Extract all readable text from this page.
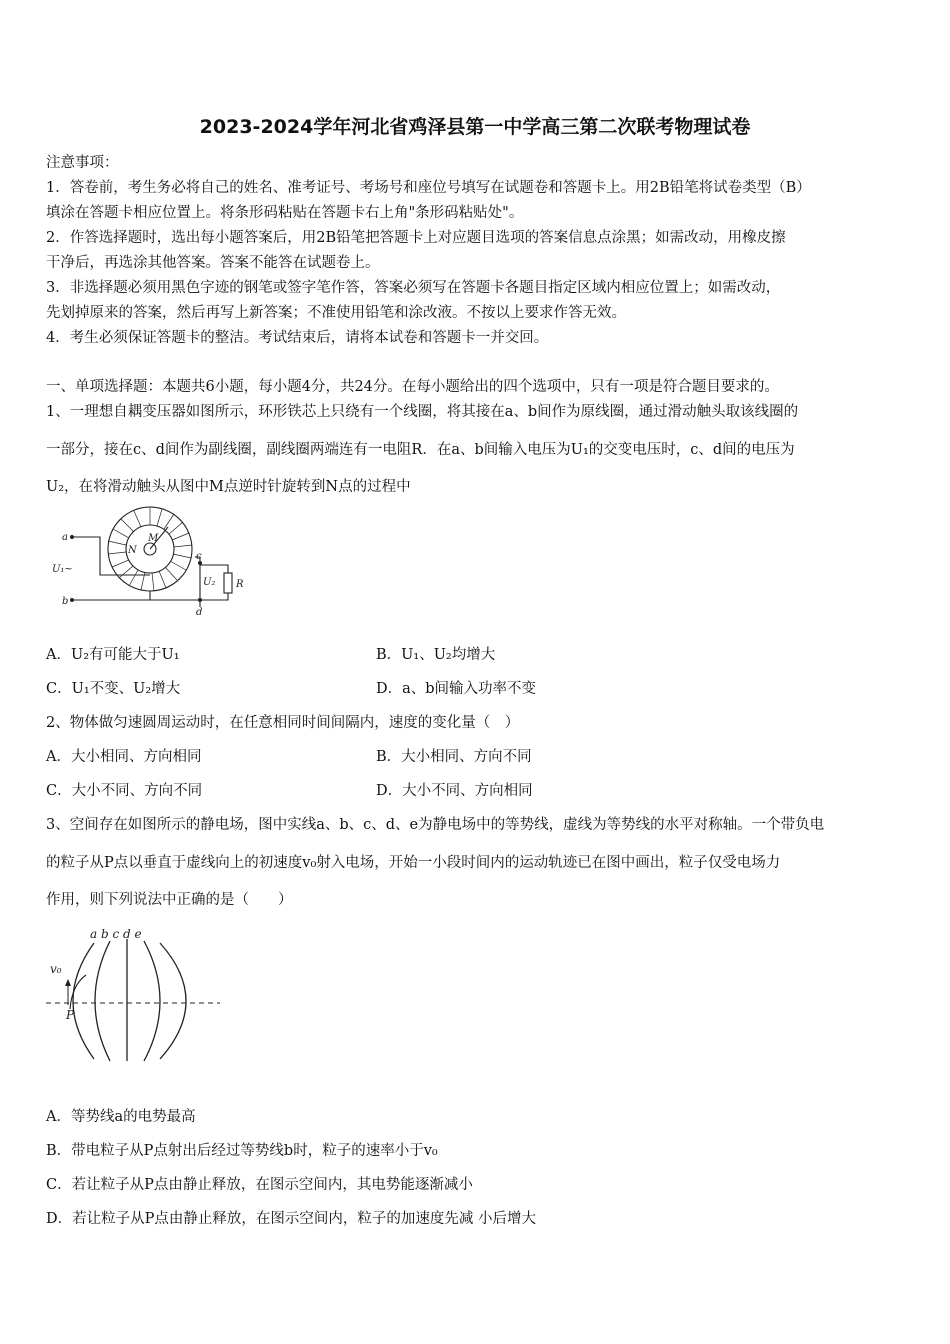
2023-2024学年河北省鸡泽县第一中学高三第二次联考物理试卷
注意事项：
1．答卷前，考生务必将自己的姓名、准考证号、考场号和座位号填写在试题卷和答题卡上。用2B铅笔将试卷类型（B）
填涂在答题卡相应位置上。将条形码粘贴在答题卡右上角"条形码粘贴处"。
2．作答选择题时，选出每小题答案后，用2B铅笔把答题卡上对应题目选项的答案信息点涂黑；如需改动，用橡皮擦
干净后，再选涂其他答案。答案不能答在试题卷上。
3．非选择题必须用黑色字迹的钢笔或签字笔作答，答案必须写在答题卡各题目指定区域内相应位置上；如需改动，
先划掉原来的答案，然后再写上新答案；不准使用铅笔和涂改液。不按以上要求作答无效。
4．考生必须保证答题卡的整洁。考试结束后，请将本试卷和答题卡一并交回。
一、单项选择题：本题共6小题，每小题4分，共24分。在每小题给出的四个选项中，只有一项是符合题目要求的。
1、一理想自耦变压器如图所示，环形铁芯上只绕有一个线圈，将其接在a、b间作为原线圈，通过滑动触头取该线圈的
一部分，接在c、d间作为副线圈，副线圈两端连有一电阻R．在a、b间输入电压为U₁的交变电压时，c、d间的电压为
U₂，在将滑动触头从图中M点逆时针旋转到N点的过程中
a
b
c
d
M
N
U₁~
U₂ R
A．U₂有可能大于U₁	B．U₁、U₂均增大
C．U₁不变、U₂增大	D．a、b间输入功率不变
2、物体做匀速圆周运动时，在任意相同时间间隔内，速度的变化量（　）
A．大小相同、方向相同	B．大小相同、方向不同
C．大小不同、方向不同	D．大小不同、方向相同
3、空间存在如图所示的静电场，图中实线a、b、c、d、e为静电场中的等势线，虚线为等势线的水平对称轴。一个带负电
的粒子从P点以垂直于虚线向上的初速度v₀射入电场，开始一小段时间内的运动轨迹已在图中画出，粒子仅受电场力
作用，则下列说法中正确的是（　　）
a b c d e
v₀
P
A．等势线a的电势最高
B．带电粒子从P点射出后经过等势线b时，粒子的速率小于v₀
C．若让粒子从P点由静止释放，在图示空间内，其电势能逐渐减小
D．若让粒子从P点由静止释放，在图示空间内，粒子的加速度先减 小后增大
